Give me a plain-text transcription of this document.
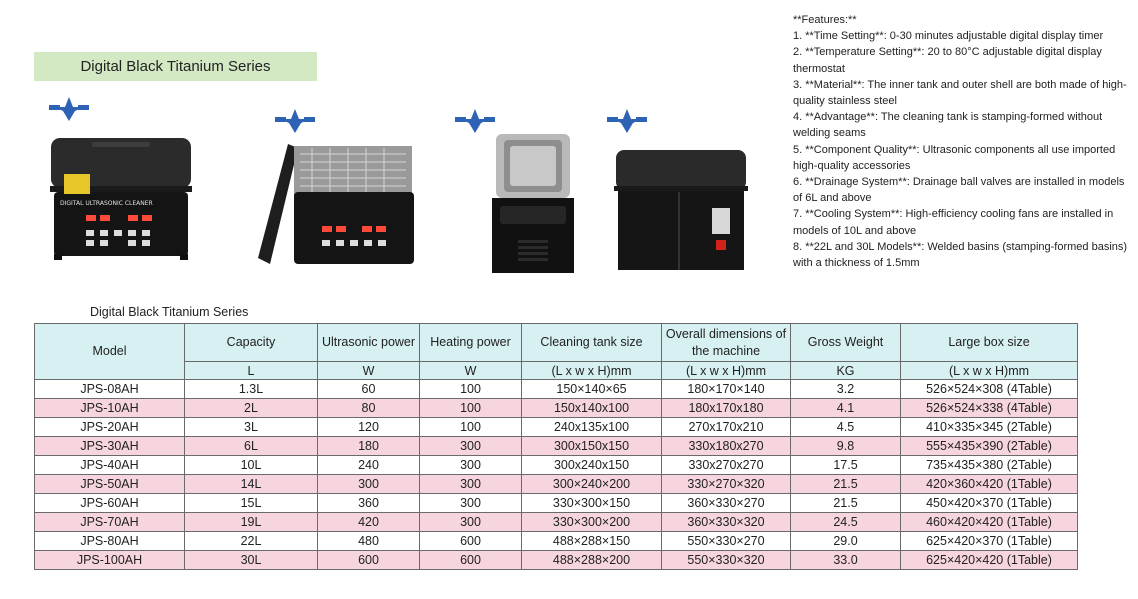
Digital Black Titanium Series
**Features:**
1. **Time Setting**: 0-30 minutes adjustable digital display timer
2. **Temperature Setting**: 20 to 80°C adjustable digital display thermostat
3. **Material**: The inner tank and outer shell are both made of high-quality stainless steel
4. **Advantage**: The cleaning tank is stamping-formed without welding seams
5. **Component Quality**: Ultrasonic components all use imported high-quality accessories
6. **Drainage System**: Drainage ball valves are installed in models of 6L and above
7. **Cooling System**: High-efficiency cooling fans are installed in models of 10L and above
8. **22L and 30L Models**: Welded basins (stamping-formed basins) with a thickness of 1.5mm
DIGITAL ULTRASONIC CLEANER
Digital Black Titanium Series
Model	Capacity	Ultrasonic power	Heating power	Cleaning tank size	Overall dimensions of the machine	Gross Weight	Large box size
	L	W	W	(L x w x H)mm	(L x w x H)mm	KG	(L x w x H)mm
JPS-08AH	1.3L	60	100	150×140×65	180×170×140	3.2	526×524×308 (4Table)
JPS-10AH	2L	80	100	150x140x100	180x170x180	4.1	526×524×338 (4Table)
JPS-20AH	3L	120	100	240x135x100	270x170x210	4.5	410×335×345 (2Table)
JPS-30AH	6L	180	300	300x150x150	330x180x270	9.8	555×435×390 (2Table)
JPS-40AH	10L	240	300	300x240x150	330x270x270	17.5	735×435×380 (2Table)
JPS-50AH	14L	300	300	300×240×200	330×270×320	21.5	420×360×420 (1Table)
JPS-60AH	15L	360	300	330×300×150	360×330×270	21.5	450×420×370 (1Table)
JPS-70AH	19L	420	300	330×300×200	360×330×320	24.5	460×420×420 (1Table)
JPS-80AH	22L	480	600	488×288×150	550×330×270	29.0	625×420×370 (1Table)
JPS-100AH	30L	600	600	488×288×200	550×330×320	33.0	625×420×420 (1Table)
